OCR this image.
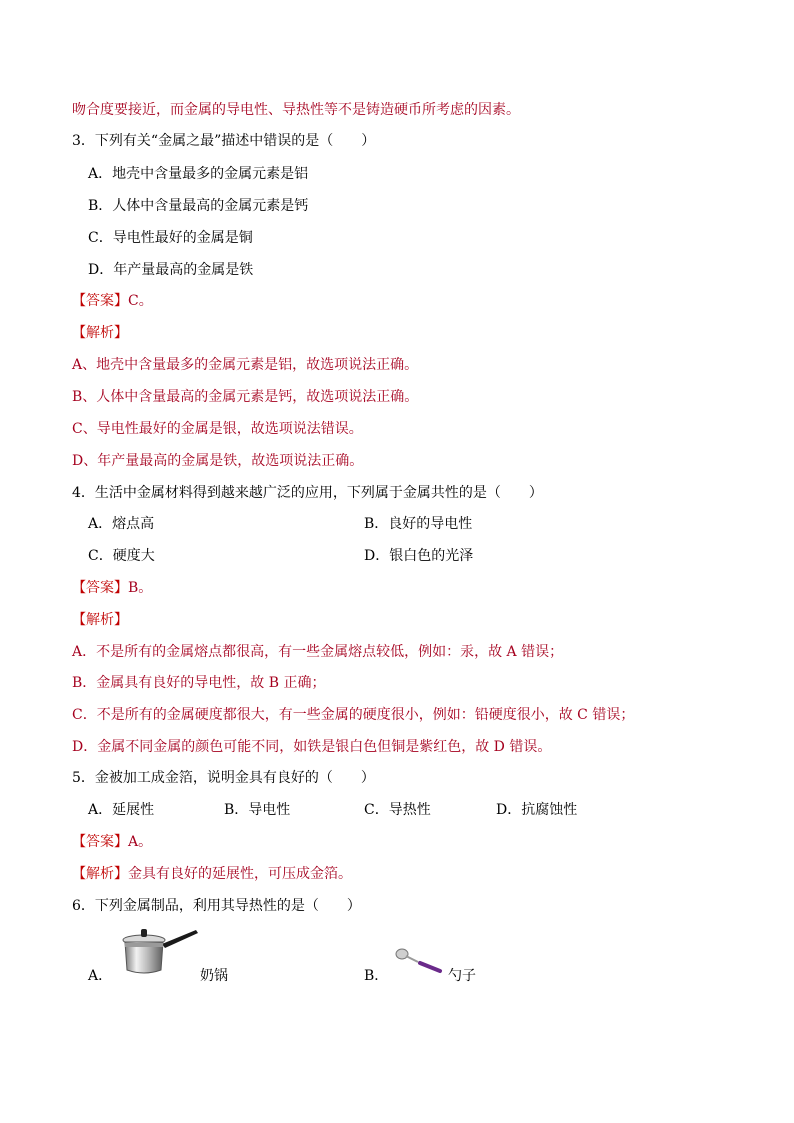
吻合度要接近，而金属的导电性、导热性等不是铸造硬币所考虑的因素。
3．下列有关“金属之最”描述中错误的是（　　）
A．地壳中含量最多的金属元素是铝
B．人体中含量最高的金属元素是钙
C．导电性最好的金属是铜
D．年产量最高的金属是铁
【答案】C。
【解析】
A、地壳中含量最多的金属元素是铝，故选项说法正确。
B、人体中含量最高的金属元素是钙，故选项说法正确。
C、导电性最好的金属是银，故选项说法错误。
D、年产量最高的金属是铁，故选项说法正确。
4．生活中金属材料得到越来越广泛的应用，下列属于金属共性的是（　　）
A．熔点高	B．良好的导电性
C．硬度大	D．银白色的光泽
【答案】B。
【解析】
A．不是所有的金属熔点都很高，有一些金属熔点较低，例如：汞，故 A 错误；
B．金属具有良好的导电性，故 B 正确；
C．不是所有的金属硬度都很大，有一些金属的硬度很小，例如：铅硬度很小，故 C 错误；
D．金属不同金属的颜色可能不同，如铁是银白色但铜是紫红色，故 D 错误。
5．金被加工成金箔，说明金具有良好的（　　）
A．延展性	B．导电性	C．导热性	D．抗腐蚀性
【答案】A。
【解析】金具有良好的延展性，可压成金箔。
6．下列金属制品，利用其导热性的是（　　）
A．	奶锅	B．	勺子
